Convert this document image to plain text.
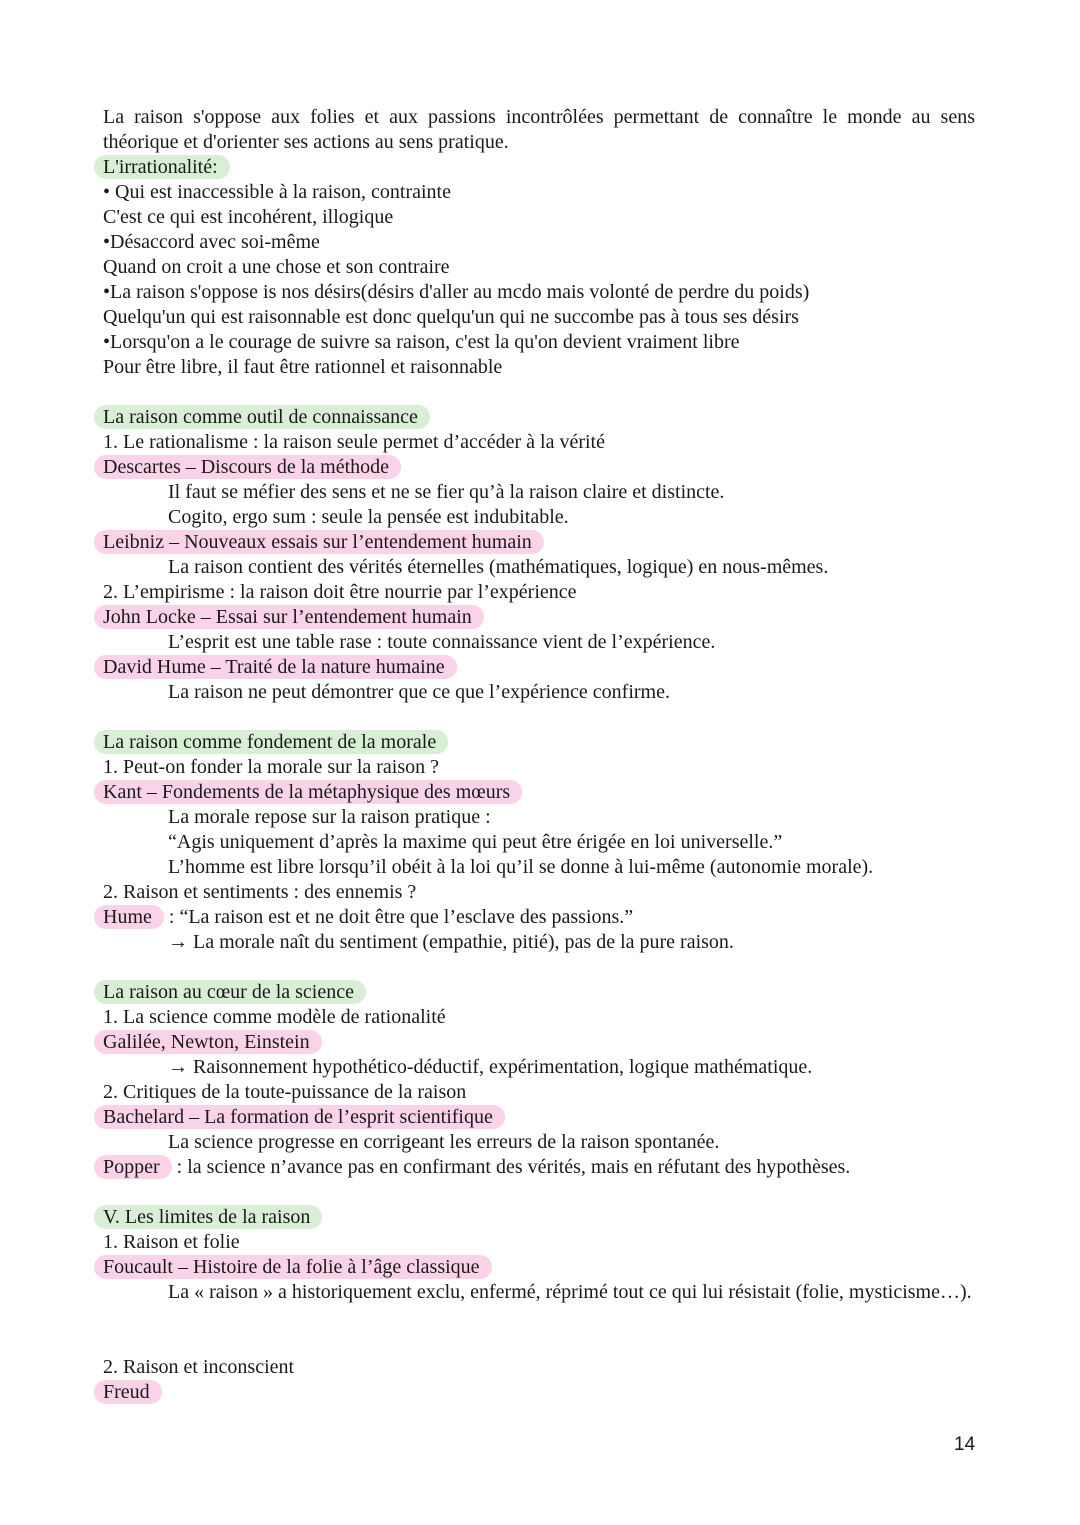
La raison s'oppose aux folies et aux passions incontrôlées permettant de connaître le monde au sens théorique et d'orienter ses actions au sens pratique.
L'irrationalité:
• Qui est inaccessible à la raison, contrainte
C'est ce qui est incohérent, illogique
•Désaccord avec soi-même
Quand on croit a une chose et son contraire
•La raison s'oppose is nos désirs(désirs d'aller au mcdo mais volonté de perdre du poids)
Quelqu'un qui est raisonnable est donc quelqu'un qui ne succombe pas à tous ses désirs
•Lorsqu'on a le courage de suivre sa raison, c'est la qu'on devient vraiment libre
Pour être libre, il faut être rationnel et raisonnable
La raison comme outil de connaissance
1. Le rationalisme : la raison seule permet d’accéder à la vérité
Descartes – Discours de la méthode
Il faut se méfier des sens et ne se fier qu’à la raison claire et distincte.
Cogito, ergo sum : seule la pensée est indubitable.
Leibniz – Nouveaux essais sur l’entendement humain
La raison contient des vérités éternelles (mathématiques, logique) en nous-mêmes.
2. L’empirisme : la raison doit être nourrie par l’expérience
John Locke – Essai sur l’entendement humain
L’esprit est une table rase : toute connaissance vient de l’expérience.
David Hume – Traité de la nature humaine
La raison ne peut démontrer que ce que l’expérience confirme.
La raison comme fondement de la morale
1. Peut-on fonder la morale sur la raison ?
Kant – Fondements de la métaphysique des mœurs
La morale repose sur la raison pratique :
“Agis uniquement d’après la maxime qui peut être érigée en loi universelle.”
L’homme est libre lorsqu’il obéit à la loi qu’il se donne à lui-même (autonomie morale).
2. Raison et sentiments : des ennemis ?
Hume : “La raison est et ne doit être que l’esclave des passions.”
→ La morale naît du sentiment (empathie, pitié), pas de la pure raison.
La raison au cœur de la science
1. La science comme modèle de rationalité
Galilée, Newton, Einstein
→ Raisonnement hypothético-déductif, expérimentation, logique mathématique.
2. Critiques de la toute-puissance de la raison
Bachelard – La formation de l’esprit scientifique
La science progresse en corrigeant les erreurs de la raison spontanée.
Popper : la science n’avance pas en confirmant des vérités, mais en réfutant des hypothèses.
V. Les limites de la raison
1. Raison et folie
Foucault – Histoire de la folie à l’âge classique
2. Raison et inconscient
Freud
La « raison » a historiquement exclu, enfermé, réprimé tout ce qui lui résistait (folie, mysticisme…).
14
